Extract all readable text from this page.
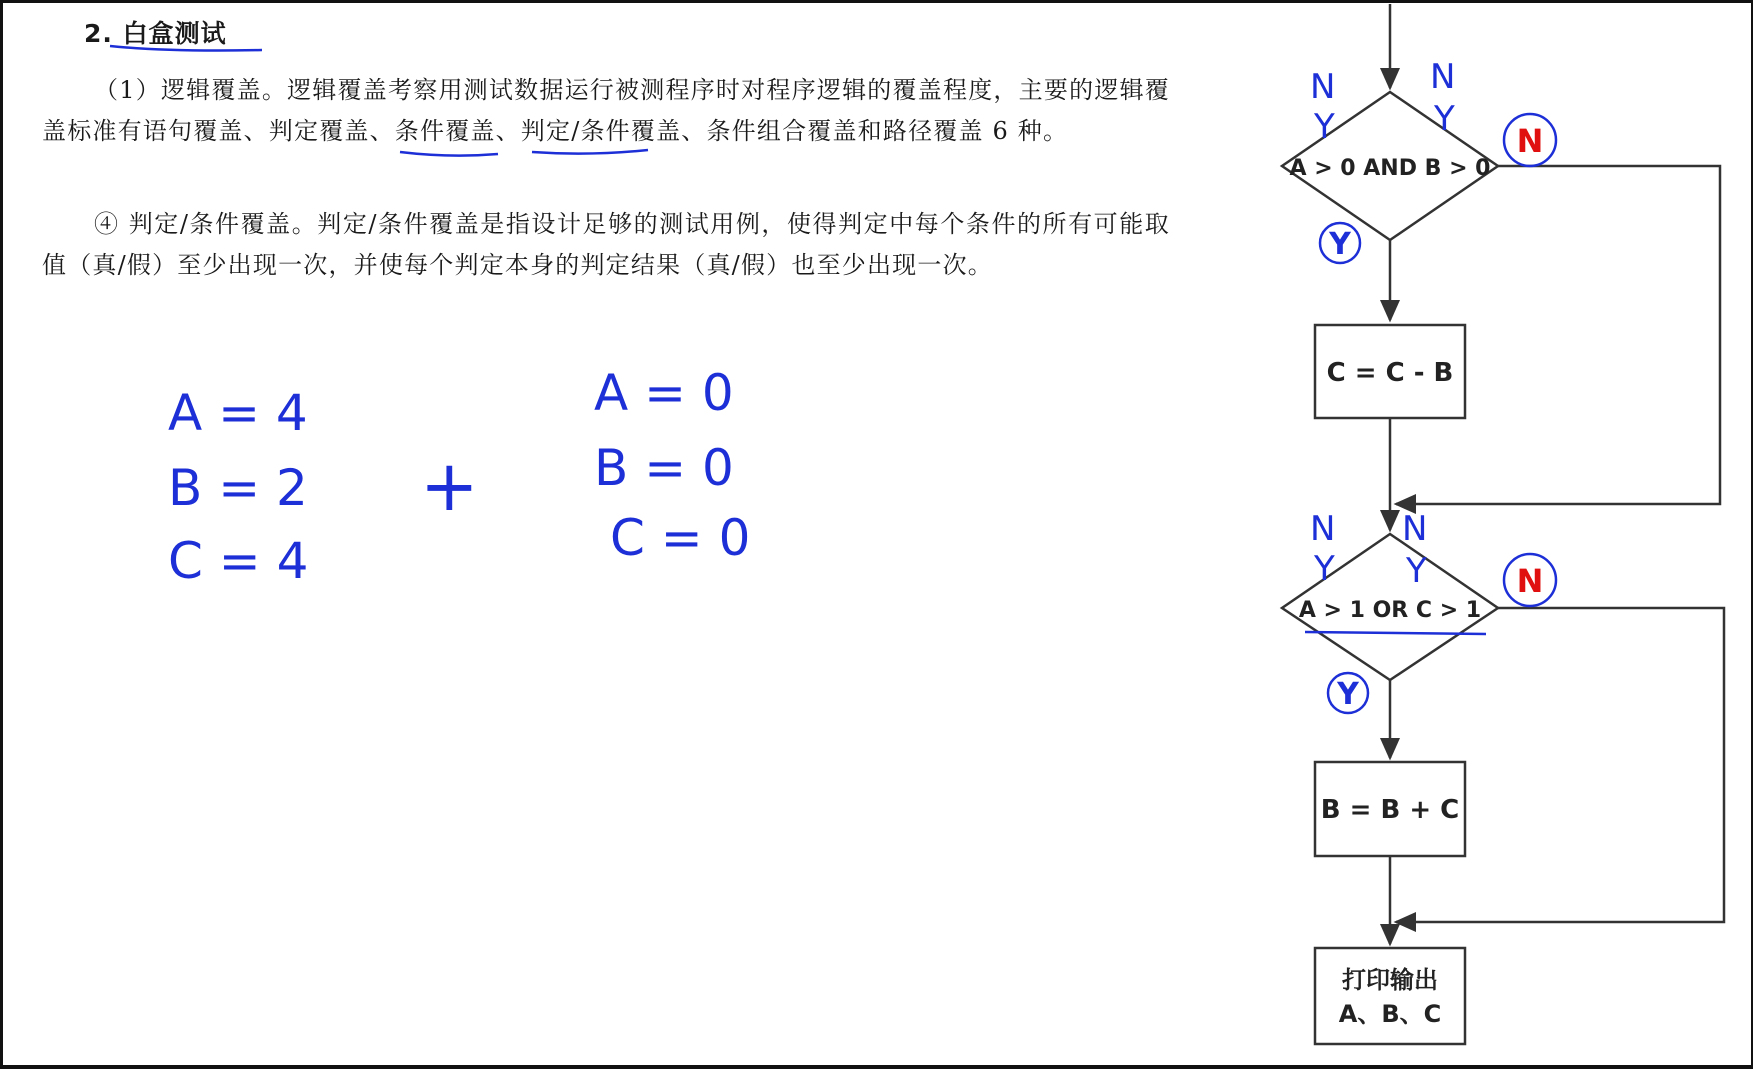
2. 白盒测试
（1）逻辑覆盖。逻辑覆盖考察用测试数据运行被测程序时对程序逻辑的覆盖程度，主要的逻辑覆盖标准有语句覆盖、判定覆盖、条件覆盖、判定/条件覆盖、条件组合覆盖和路径覆盖 6 种。
④ 判定/条件覆盖。判定/条件覆盖是指设计足够的测试用例，使得判定中每个条件的所有可能取值（真/假）至少出现一次，并使每个判定本身的判定结果（真/假）也至少出现一次。
A > 0 AND B > 0
C = C - B
A > 1 OR C > 1
B = B + C
打印输出
A、B、C
N
Y
N
Y
Y
N
N
Y
N
Y
Y
N
A = 4
B = 2
C = 4
+
A = 0
B = 0
C = 0
